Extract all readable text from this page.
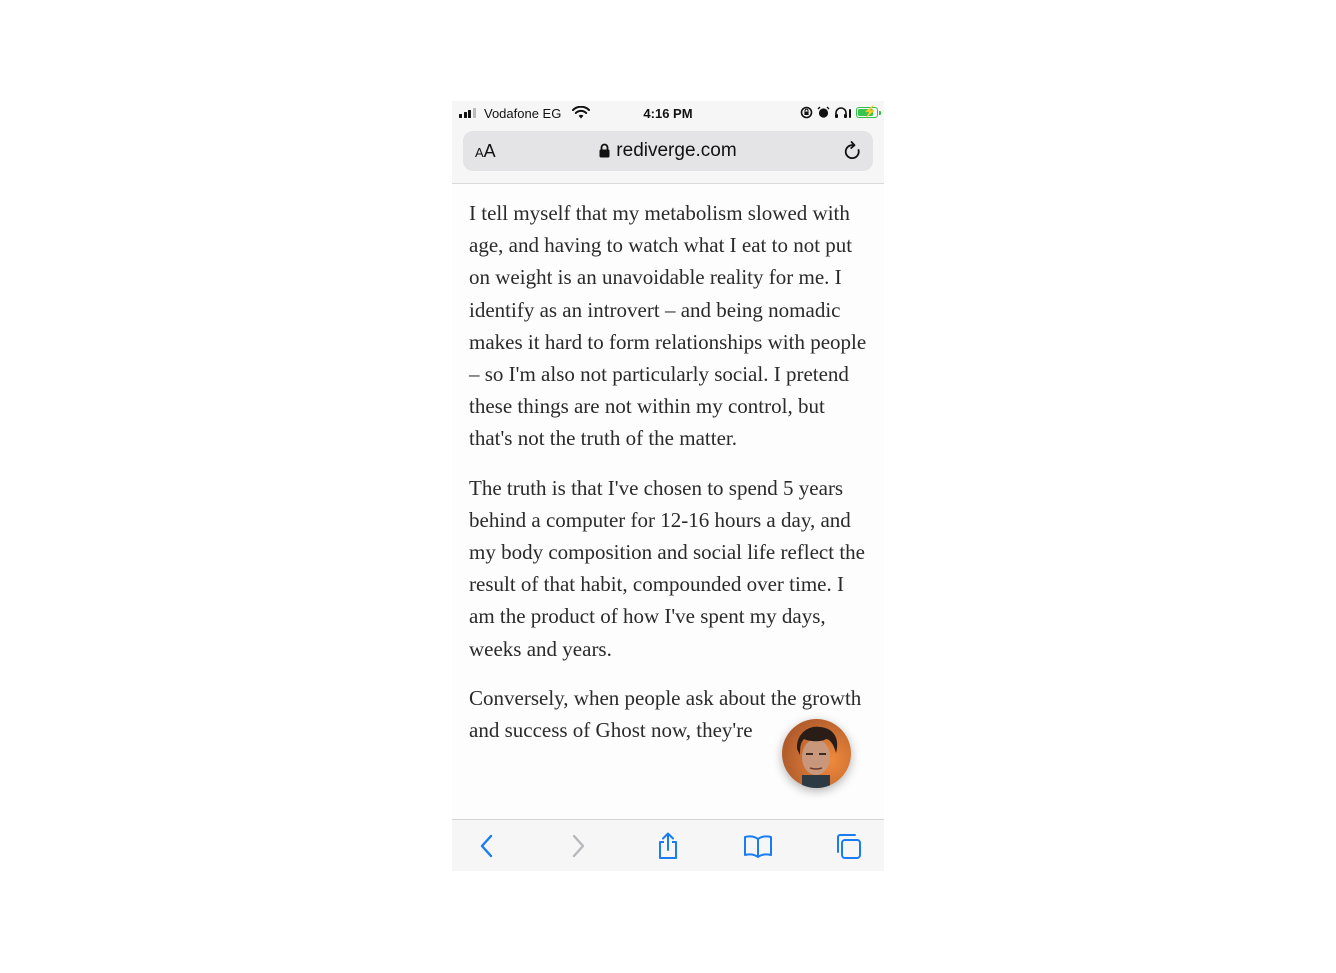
Vodafone EG	4:16 PM	⚡
AA	rediverge.com

I tell myself that my metabolism slowed with age, and having to watch what I eat to not put on weight is an unavoidable reality for me. I identify as an introvert – and being nomadic makes it hard to form relationships with people – so I'm also not particularly social. I pretend these things are not within my control, but that's not the truth of the matter.

The truth is that I've chosen to spend 5 years behind a computer for 12-16 hours a day, and my body composition and social life reflect the result of that habit, compounded over time. I am the product of how I've spent my days, weeks and years.

Conversely, when people ask about the growth and success of Ghost now, they're
